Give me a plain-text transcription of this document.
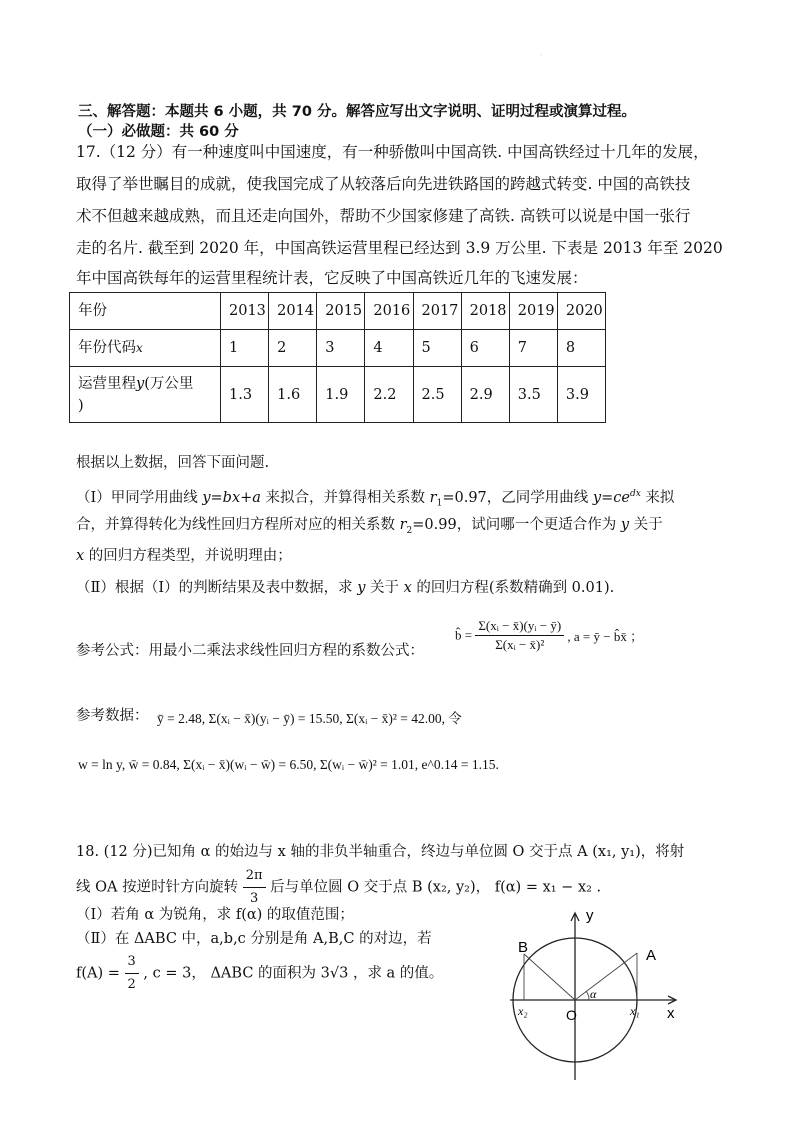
、
三、解答题：本题共 6 小题，共 70 分。解答应写出文字说明、证明过程或演算过程。
（一）必做题：共 60 分
17.（12 分）有一种速度叫中国速度，有一种骄傲叫中国高铁. 中国高铁经过十几年的发展，
取得了举世瞩目的成就，使我国完成了从较落后向先进铁路国的跨越式转变. 中国的高铁技
术不但越来越成熟，而且还走向国外，帮助不少国家修建了高铁. 高铁可以说是中国一张行
走的名片. 截至到 2020 年，中国高铁运营里程已经达到 3.9 万公里. 下表是 2013 年至 2020
年中国高铁每年的运营里程统计表，它反映了中国高铁近几年的飞速发展：
年份	2013	2014	2015	2016	2017	2018	2019	2020
年份代码x	1	2	3	4	5	6	7	8
运营里程y(万公里
)	1.3	1.6	1.9	2.2	2.5	2.9	3.5	3.9
根据以上数据，回答下面问题.
（Ⅰ）甲同学用曲线 y=bx+a 来拟合，并算得相关系数 $r_1=0.97$，乙同学用曲线 $y=ce^{dx}$ 来拟
合，并算得转化为线性回归方程所对应的相关系数 $r_2=0.99$，试问哪一个更适合作为 y 关于
x 的回归方程类型，并说明理由；
（Ⅱ）根据（Ⅰ）的判断结果及表中数据，求 y 关于 x 的回归方程(系数精确到 0.01).
参考公式：用最小二乘法求线性回归方程的系数公式：
b̂ = $\frac{\text{Σ(xᵢ − x̄)(yᵢ − ȳ)}}{\text{Σ(xᵢ − x̄)²}}$ , a = ȳ − b̂x̄ ；
参考数据： ȳ = 2.48, Σ(xᵢ − x̄)(yᵢ − ȳ) = 15.50, Σ(xᵢ − x̄)² = 42.00, 令
w = ln y, w̄ = 0.84, Σ(xᵢ − x̄)(wᵢ − w̄) = 6.50, Σ(wᵢ − w̄)² = 1.01, e^0.14 = 1.15.
18. (12 分)已知角 α 的始边与 x 轴的非负半轴重合，终边与单位圆 O 交于点 A (x₁, y₁)，将射
线 OA 按逆时针方向旋转 $\frac{2\pi}{3}$ 后与单位圆 O 交于点 B (x₂, y₂)， f(α) = x₁ − x₂ .
（Ⅰ）若角 α 为锐角，求 f(α) 的取值范围；
（Ⅱ）在 ΔABC 中，a,b,c 分别是角 A,B,C 的对边，若
$f(A) = \frac{3}{2}$ , c = 3， ΔABC 的面积为 3√3 ，求 a 的值。
y
x
A
B
O
α
x₁
x₂
